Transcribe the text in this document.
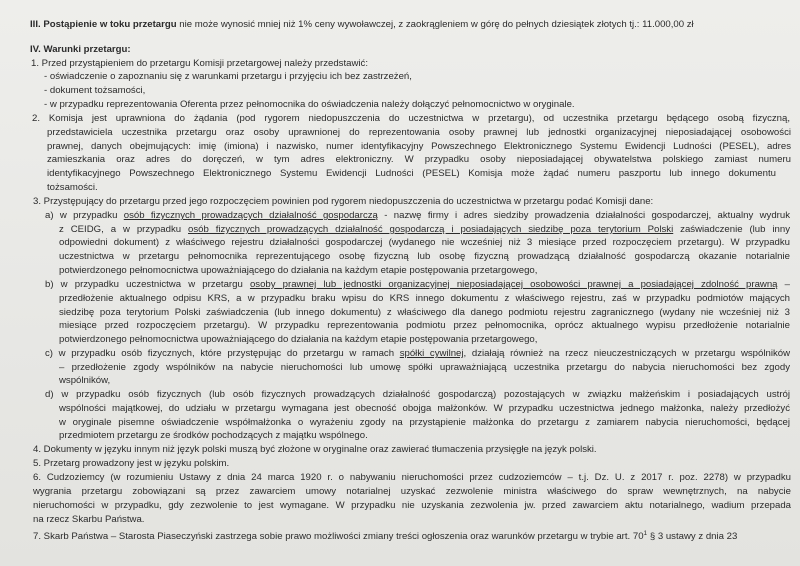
III. Postąpienie w toku przetargu nie może wynosić mniej niż 1% ceny wywoławczej, z zaokrągleniem w górę do pełnych dziesiątek złotych tj.: 11.000,00 zł
IV. Warunki przetargu:
1. Przed przystąpieniem do przetargu Komisji przetargowej należy przedstawić:
- oświadczenie o zapoznaniu się z warunkami przetargu i przyjęciu ich bez zastrzeżeń,
- dokument tożsamości,
- w przypadku reprezentowania Oferenta przez pełnomocnika do oświadczenia należy dołączyć pełnomocnictwo w oryginale.
2. Komisja jest uprawniona do żądania (pod rygorem niedopuszczenia do uczestnictwa w przetargu), od uczestnika przetargu będącego osobą fizyczną,
przedstawiciela uczestnika przetargu oraz osoby uprawnionej do reprezentowania osoby prawnej lub jednostki organizacyjnej nieposiadającej osobowości
prawnej, danych obejmujących: imię (imiona) i nazwisko, numer identyfikacyjny Powszechnego Elektronicznego Systemu Ewidencji Ludności (PESEL), adres
zamieszkania oraz adres do doręczeń, w tym adres elektroniczny. W przypadku osoby nieposiadającej obywatelstwa polskiego zamiast numeru
identyfikacyjnego Powszechnego Elektronicznego Systemu Ewidencji Ludności (PESEL) Komisja może żądać numeru paszportu lub innego dokumentu
tożsamości.
3. Przystępujący do przetargu przed jego rozpoczęciem powinien pod rygorem niedopuszczenia do uczestnictwa w przetargu podać Komisji dane:
a) w przypadku osób fizycznych prowadzących działalność gospodarczą - nazwę firmy i adres siedziby prowadzenia działalności gospodarczej, aktualny wydruk
z CEIDG, a w przypadku osób fizycznych prowadzących działalność gospodarczą i posiadających siedzibę poza terytorium Polski zaświadczenie (lub inny
odpowiedni dokument) z właściwego rejestru działalności gospodarczej (wydanego nie wcześniej niż 3 miesiące przed rozpoczęciem przetargu). W przypadku
uczestnictwa w przetargu pełnomocnika reprezentującego osobę fizyczną lub osobę fizyczną prowadzącą działalność gospodarczą okazanie notarialnie
potwierdzonego pełnomocnictwa upoważniającego do działania na każdym etapie postępowania przetargowego,
b) w przypadku uczestnictwa w przetargu osoby prawnej lub jednostki organizacyjnej nieposiadającej osobowości prawnej a posiadającej zdolność prawną –
przedłożenie aktualnego odpisu KRS, a w przypadku braku wpisu do KRS innego dokumentu z właściwego rejestru, zaś w przypadku podmiotów mających
siedzibę poza terytorium Polski zaświadczenia (lub innego dokumentu) z właściwego dla danego podmiotu rejestru zagranicznego (wydany nie wcześniej niż 3
miesiące przed rozpoczęciem przetargu). W przypadku reprezentowania podmiotu przez pełnomocnika, oprócz aktualnego wypisu przedłożenie notarialnie
potwierdzonego pełnomocnictwa upoważniającego do działania na każdym etapie postępowania przetargowego,
c) w przypadku osób fizycznych, które przystępując do przetargu w ramach spółki cywilnej, działają również na rzecz nieuczestniczących w przetargu wspólników
– przedłożenie zgody wspólników na nabycie nieruchomości lub umowę spółki upraważniającą uczestnika przetargu do nabycia nieruchomości bez zgody
wspólników,
d) w przypadku osób fizycznych (lub osób fizycznych prowadzących działalność gospodarczą) pozostających w związku małżeńskim i posiadających ustrój
wspólności majątkowej, do udziału w przetargu wymagana jest obecność obojga małżonków. W przypadku uczestnictwa jednego małżonka, należy przedłożyć
w oryginale pisemne oświadczenie współmałżonka o wyrażeniu zgody na przystąpienie małżonka do przetargu z zamiarem nabycia nieruchomości, będącej
przedmiotem przetargu ze środków pochodzących z majątku wspólnego.
4. Dokumenty w języku innym niż język polski muszą być złożone w oryginalne oraz zawierać tłumaczenia przysięgłe na język polski.
5. Przetarg prowadzony jest w języku polskim.
6. Cudzoziemcy (w rozumieniu Ustawy z dnia 24 marca 1920 r. o nabywaniu nieruchomości przez cudzoziemców – t.j. Dz. U. z 2017 r. poz. 2278) w przypadku
wygrania przetargu zobowiązani są przez zawarciem umowy notarialnej uzyskać zezwolenie ministra właściwego do spraw wewnętrznych, na nabycie
nieruchomości w przypadku, gdy zezwolenie to jest wymagane. W przypadku nie uzyskania zezwolenia jw. przed zawarciem aktu notarialnego, wadium przepada
na rzecz Skarbu Państwa.
7. Skarb Państwa – Starosta Piaseczyński zastrzega sobie prawo możliwości zmiany treści ogłoszenia oraz warunków przetargu w trybie art. $70^1$ § 3 ustawy z dnia 23
